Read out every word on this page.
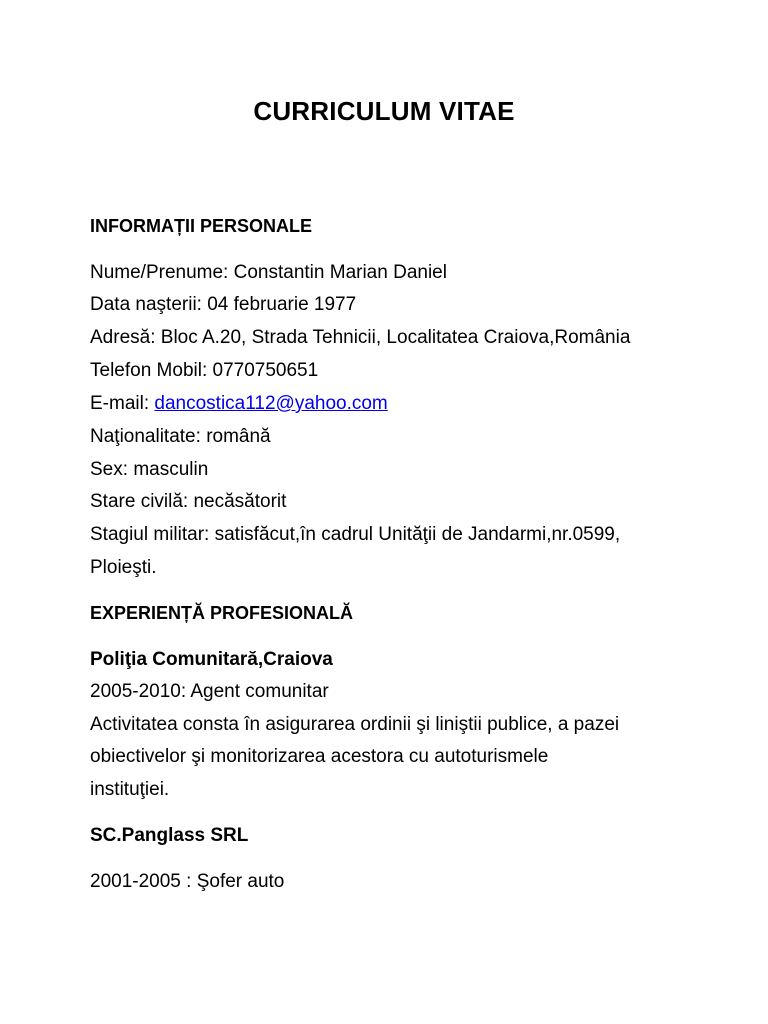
CURRICULUM VITAE
INFORMAȚII PERSONALE
Nume/Prenume: Constantin Marian Daniel
Data naşterii: 04 februarie 1977
Adresă: Bloc A.20, Strada Tehnicii, Localitatea Craiova,România
Telefon Mobil: 0770750651
E-mail: dancostica112@yahoo.com
Naţionalitate: română
Sex: masculin
Stare civilă: necăsătorit
Stagiul militar: satisfăcut,în cadrul Unităţii de Jandarmi,nr.0599,
Ploieşti.
EXPERIENȚĂ PROFESIONALĂ
Poliţia Comunitară,Craiova
2005-2010: Agent comunitar
Activitatea consta în asigurarea ordinii şi liniştii publice, a pazei
obiectivelor şi monitorizarea acestora cu autoturismele
instituţiei.
SC.Panglass SRL
2001-2005 : Şofer auto
